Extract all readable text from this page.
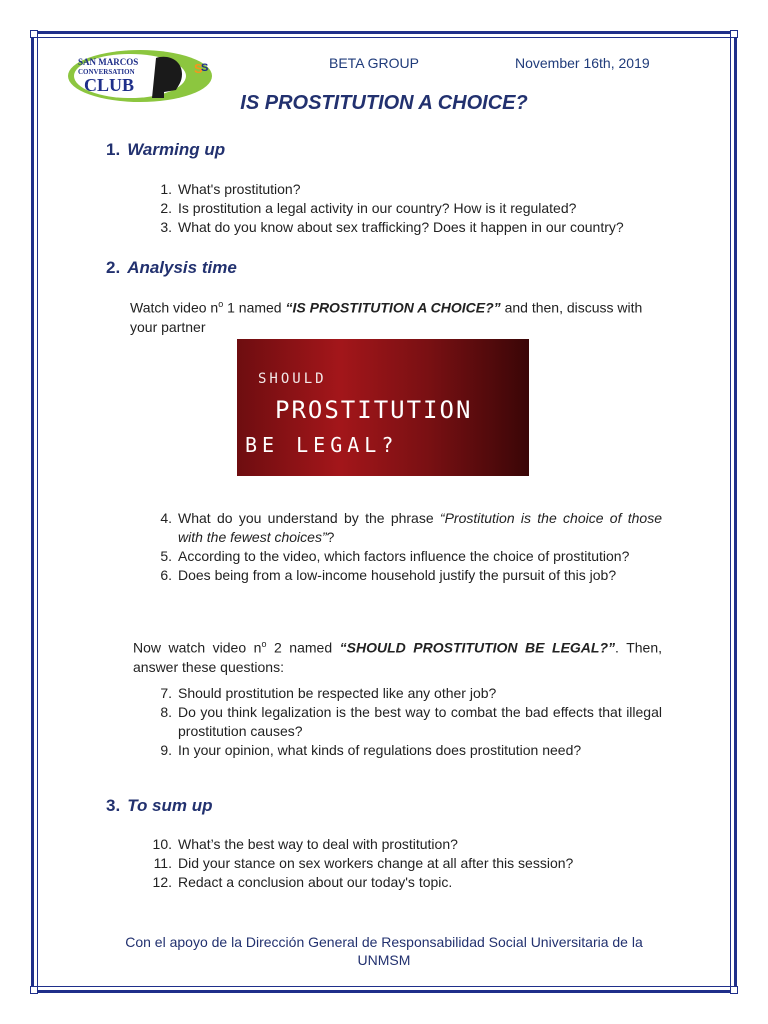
S
S
SAN MARCOS
CONVERSATION
CLUB
BETA GROUP	November 16th, 2019
IS PROSTITUTION A CHOICE?
1. Warming up
1. What's prostitution?
2. Is prostitution a legal activity in our country? How is it regulated?
3. What do you know about sex trafficking? Does it happen in our country?
2. Analysis time
Watch video $n^o$ 1 named “IS PROSTITUTION A CHOICE?” and then, discuss with your partner
SHOULD
PROSTITUTION
BE LEGAL?
4. What do you understand by the phrase “Prostitution is the choice of those with the fewest choices”?
5. According to the video, which factors influence the choice of prostitution?
6. Does being from a low-income household justify the pursuit of this job?
Now watch video $n^o$ 2 named “SHOULD PROSTITUTION BE LEGAL?”. Then, answer these questions:
7. Should prostitution be respected like any other job?
8. Do you think legalization is the best way to combat the bad effects that illegal prostitution causes?
9. In your opinion, what kinds of regulations does prostitution need?
3. To sum up
10. What’s the best way to deal with prostitution?
11. Did your stance on sex workers change at all after this session?
12. Redact a conclusion about our today's topic.
Con el apoyo de la Dirección General de Responsabilidad Social Universitaria de la UNMSM
